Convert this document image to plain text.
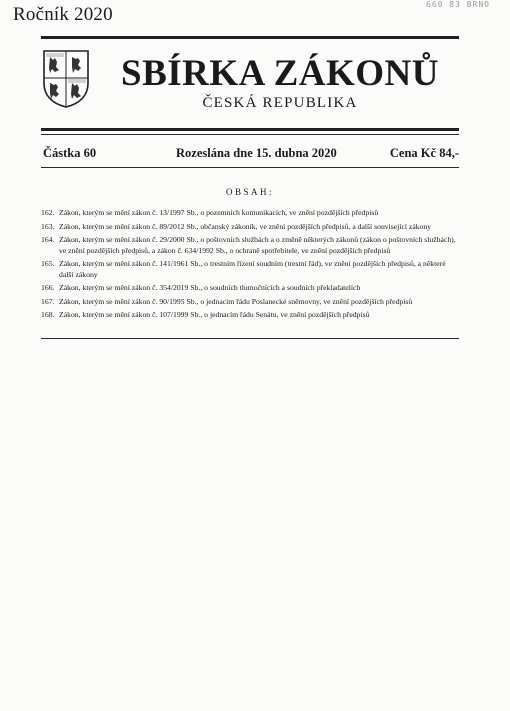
Ročník 2020	660 83 BRNO
SBÍRKA ZÁKONŮ
ČESKÁ REPUBLIKA
Částka 60	Rozeslána dne 15. dubna 2020	Cena Kč 84,-
OBSAH:
162. Zákon, kterým se mění zákon č. 13/1997 Sb., o pozemních komunikacích, ve znění pozdějších předpisů
163. Zákon, kterým se mění zákon č. 89/2012 Sb., občanský zákoník, ve znění pozdějších předpisů, a další související zákony
164. Zákon, kterým se mění zákon č. 29/2000 Sb., o poštovních službách a o změně některých zákonů (zákon o poštovních službách), ve znění pozdějších předpisů, a zákon č. 634/1992 Sb., o ochraně spotřebitele, ve znění pozdějších předpisů
165. Zákon, kterým se mění zákon č. 141/1961 Sb., o trestním řízení soudním (trestní řád), ve znění pozdějších předpisů, a některé další zákony
166. Zákon, kterým se mění zákon č. 354/2019 Sb., o soudních tlumočnících a soudních překladatelích
167. Zákon, kterým se mění zákon č. 90/1995 Sb., o jednacím řádu Poslanecké sněmovny, ve znění pozdějších předpisů
168. Zákon, kterým se mění zákon č. 107/1999 Sb., o jednacím řádu Senátu, ve znění pozdějších předpisů
